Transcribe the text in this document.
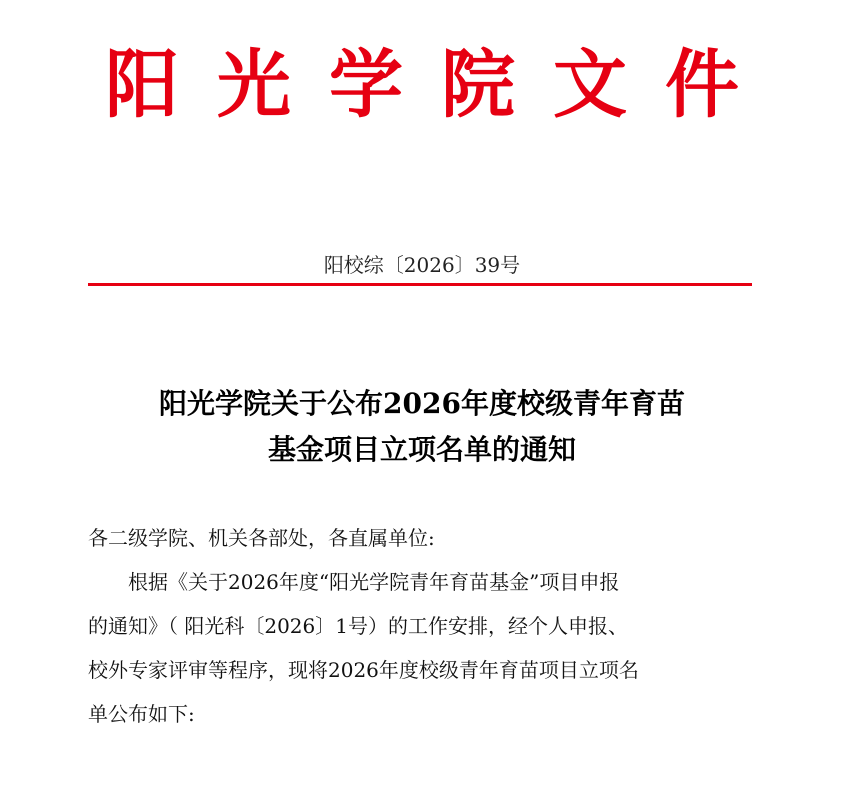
阳光学院文件
阳校综〔2026〕39号
阳光学院关于公布2026年度校级青年育苗
基金项目立项名单的通知
各二级学院、机关各部处，各直属单位:
　　根据《关于2026年度“阳光学院青年育苗基金”项目申报
的通知》（ 阳光科〔2026〕1号）的工作安排，经个人申报、
校外专家评审等程序，现将2026年度校级青年育苗项目立项名
单公布如下:
